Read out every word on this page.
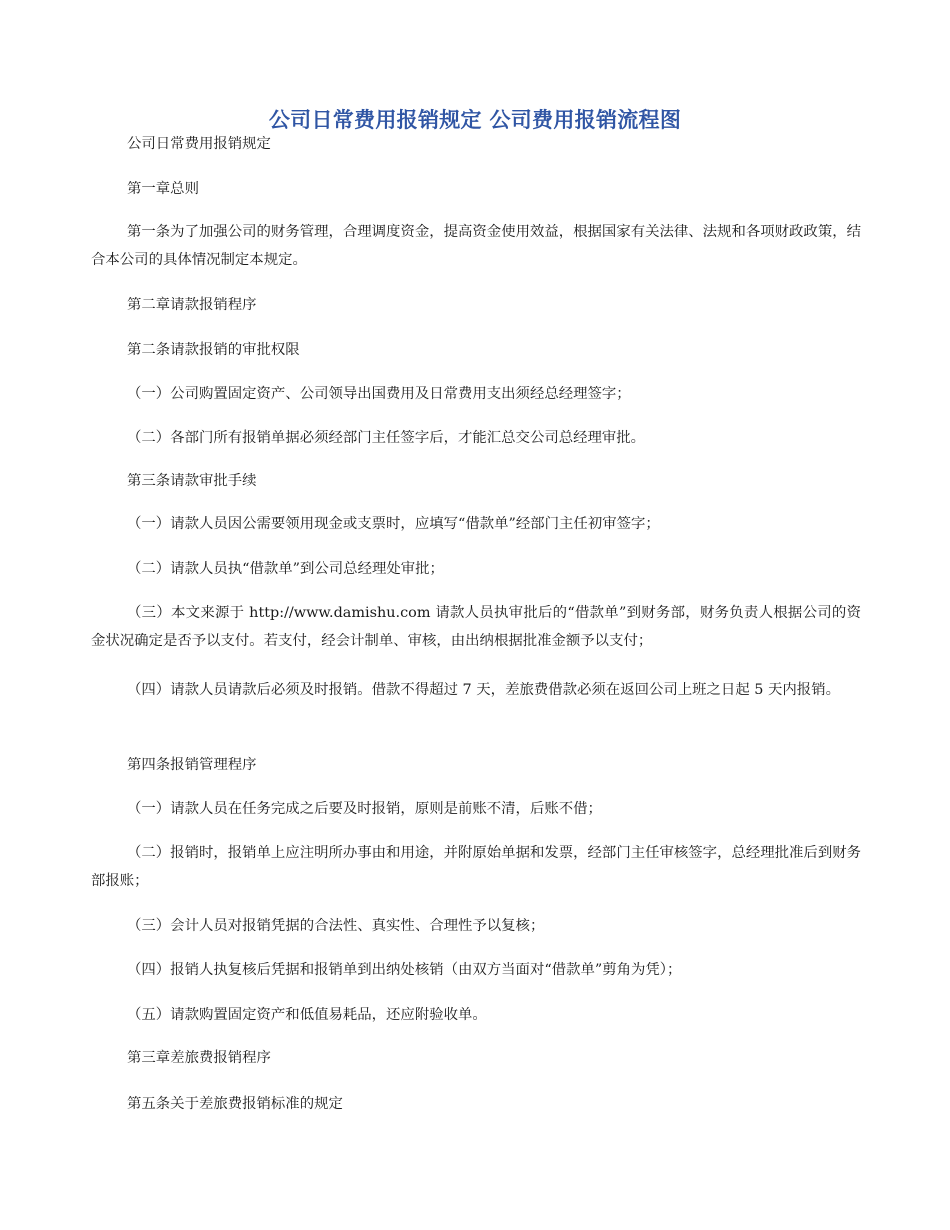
公司日常费用报销规定 公司费用报销流程图

公司日常费用报销规定

第一章总则

第一条为了加强公司的财务管理，合理调度资金，提高资金使用效益，根据国家有关法律、法规和各项财政政策，结合本公司的具体情况制定本规定。

第二章请款报销程序

第二条请款报销的审批权限

（一）公司购置固定资产、公司领导出国费用及日常费用支出须经总经理签字；

（二）各部门所有报销单据必须经部门主任签字后，才能汇总交公司总经理审批。

第三条请款审批手续

（一）请款人员因公需要领用现金或支票时，应填写“借款单”经部门主任初审签字；

（二）请款人员执“借款单”到公司总经理处审批；

（三）本文来源于 http://www.damishu.com 请款人员执审批后的“借款单”到财务部，财务负责人根据公司的资金状况确定是否予以支付。若支付，经会计制单、审核，由出纳根据批准金额予以支付；

（四）请款人员请款后必须及时报销。借款不得超过 7 天，差旅费借款必须在返回公司上班之日起 5 天内报销。

第四条报销管理程序

（一）请款人员在任务完成之后要及时报销，原则是前账不清，后账不借；

（二）报销时，报销单上应注明所办事由和用途，并附原始单据和发票，经部门主任审核签字，总经理批准后到财务部报账；

（三）会计人员对报销凭据的合法性、真实性、合理性予以复核；

（四）报销人执复核后凭据和报销单到出纳处核销（由双方当面对“借款单”剪角为凭）；

（五）请款购置固定资产和低值易耗品，还应附验收单。

第三章差旅费报销程序

第五条关于差旅费报销标准的规定
